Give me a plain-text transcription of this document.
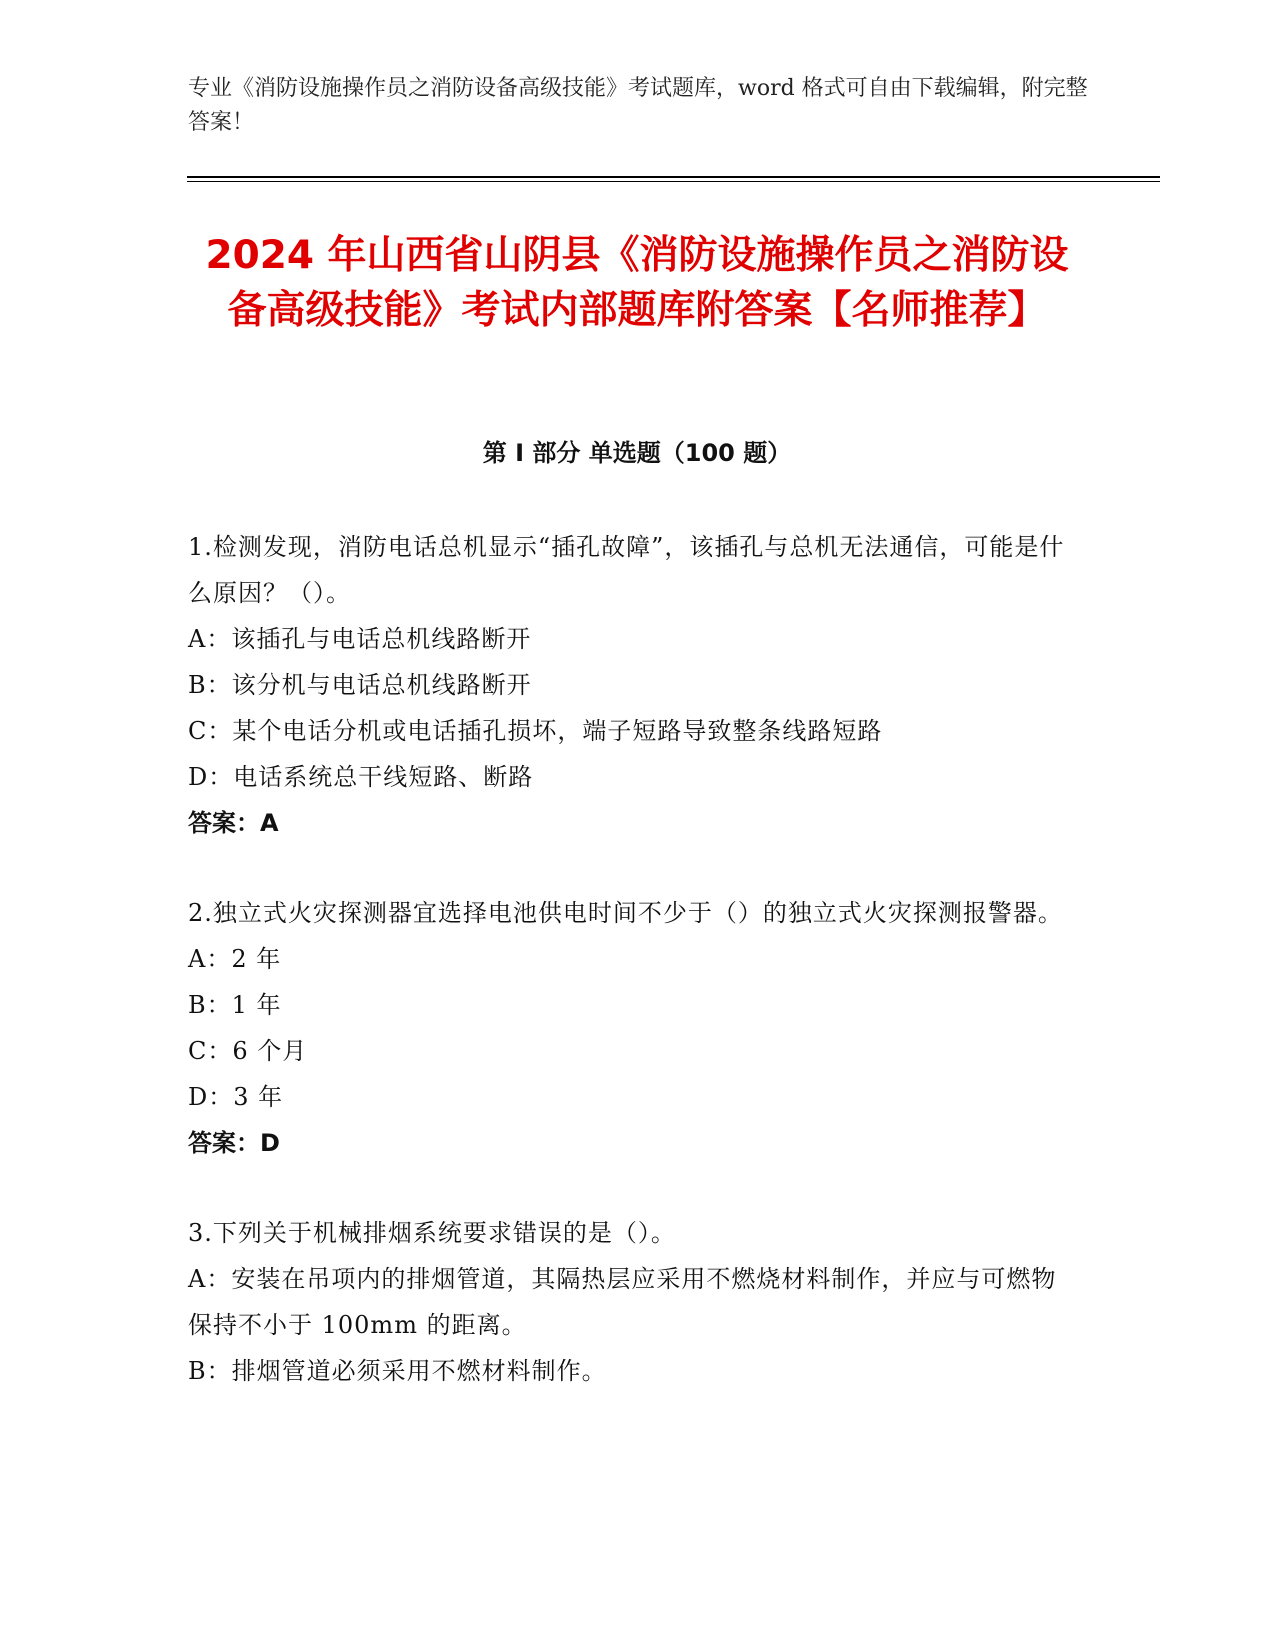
专业《消防设施操作员之消防设备高级技能》考试题库，word 格式可自由下载编辑，附完整答案！
2024 年山西省山阴县《消防设施操作员之消防设备高级技能》考试内部题库附答案【名师推荐】
第 I 部分 单选题（100 题）
1.检测发现，消防电话总机显示“插孔故障”，该插孔与总机无法通信，可能是什么原因？（）。
A：该插孔与电话总机线路断开
B：该分机与电话总机线路断开
C：某个电话分机或电话插孔损坏，端子短路导致整条线路短路
D：电话系统总干线短路、断路
答案：A
2.独立式火灾探测器宜选择电池供电时间不少于（）的独立式火灾探测报警器。
A：2 年
B：1 年
C：6 个月
D：3 年
答案：D
3.下列关于机械排烟系统要求错误的是（）。
A：安装在吊项内的排烟管道，其隔热层应采用不燃烧材料制作，并应与可燃物保持不小于 100mm 的距离。
B：排烟管道必须采用不燃材料制作。
